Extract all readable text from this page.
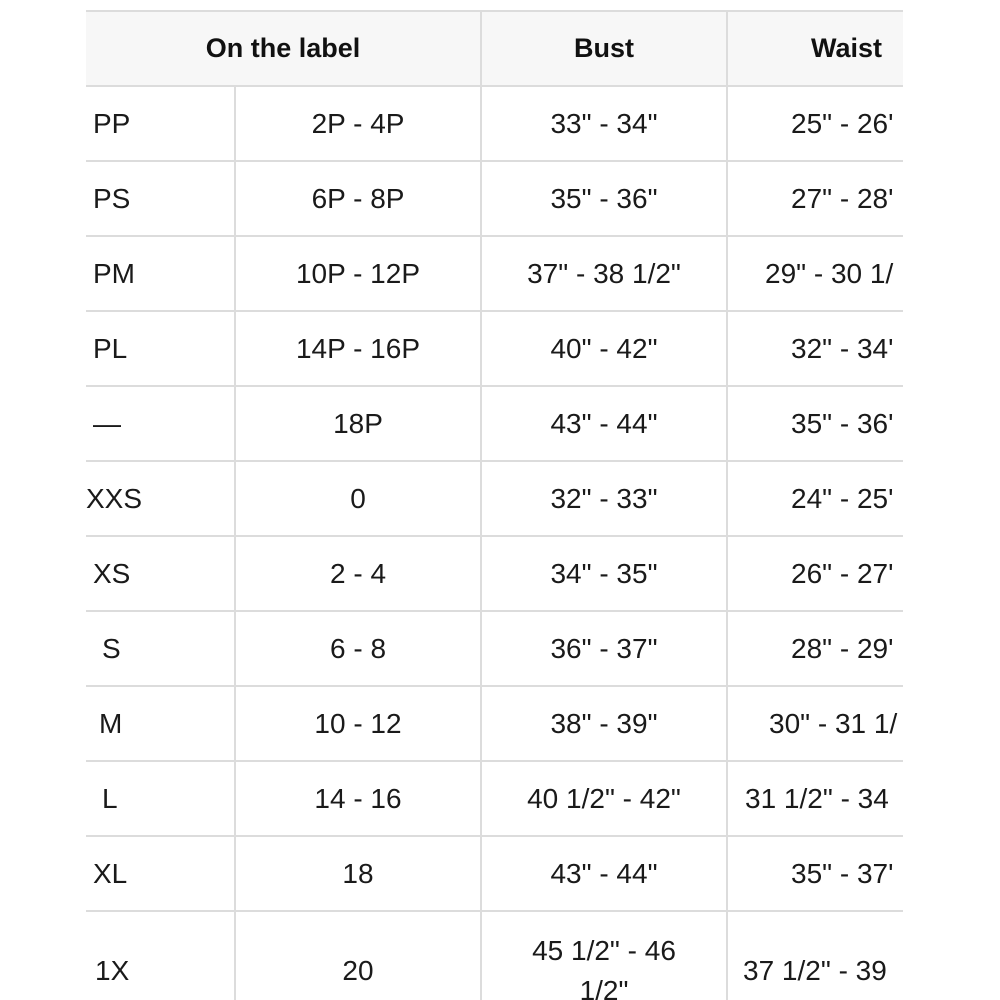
On the label		Bust	Waist
PP	2P - 4P	33" - 34"	25" - 26'
PS	6P - 8P	35" - 36"	27" - 28'
PM	10P - 12P	37" - 38 1/2"	29" - 30 1/
PL	14P - 16P	40" - 42"	32" - 34'
—	18P	43" - 44"	35" - 36'
XXS	0	32" - 33"	24" - 25'
XS	2 - 4	34" - 35"	26" - 27'
S	6 - 8	36" - 37"	28" - 29'
M	10 - 12	38" - 39"	30" - 31 1/
L	14 - 16	40 1/2" - 42"	31 1/2" - 34
XL	18	43" - 44"	35" - 37'
1X	20	45 1/2" - 46 1/2"	37 1/2" - 39
